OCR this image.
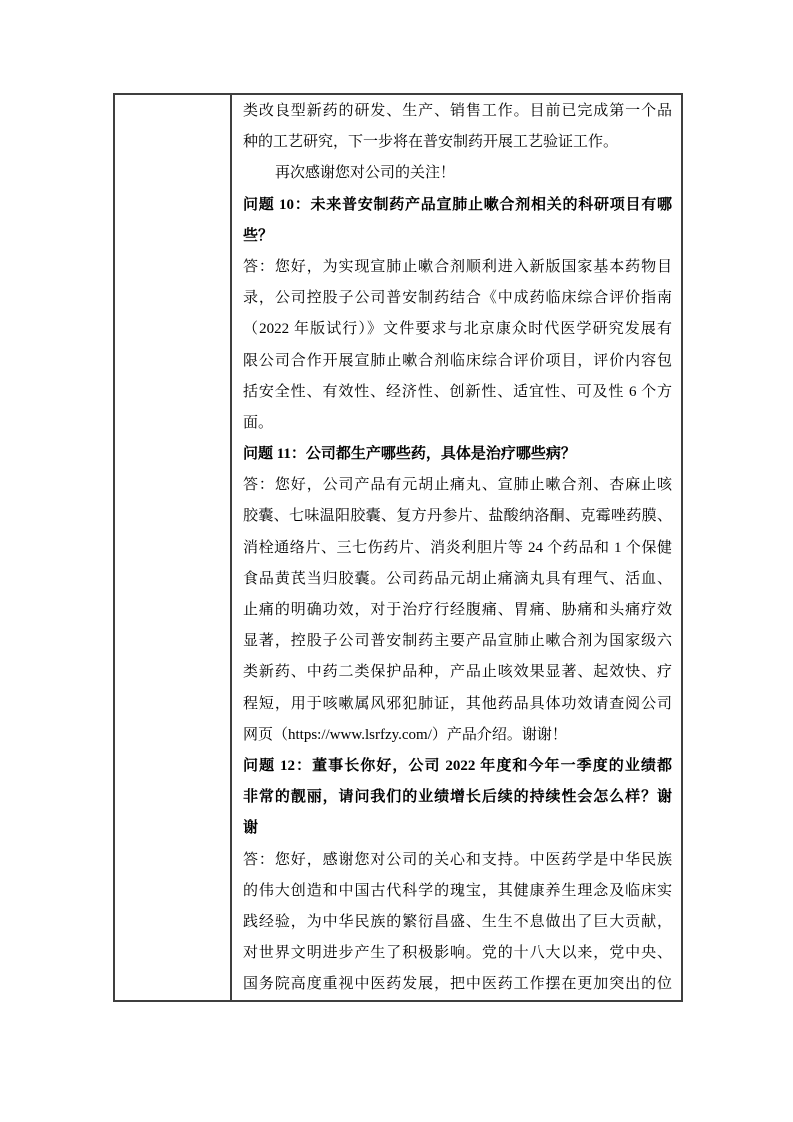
类改良型新药的研发、生产、销售工作。目前已完成第一个品
种的工艺研究，下一步将在普安制药开展工艺验证工作。
再次感谢您对公司的关注！
问题 10：未来普安制药产品宣肺止嗽合剂相关的科研项目有哪
些？
答：您好，为实现宣肺止嗽合剂顺利进入新版国家基本药物目
录，公司控股子公司普安制药结合《中成药临床综合评价指南
（2022 年版试行）》文件要求与北京康众时代医学研究发展有
限公司合作开展宣肺止嗽合剂临床综合评价项目，评价内容包
括安全性、有效性、经济性、创新性、适宜性、可及性 6 个方
面。
问题 11：公司都生产哪些药，具体是治疗哪些病？
答：您好，公司产品有元胡止痛丸、宣肺止嗽合剂、杏麻止咳
胶囊、七味温阳胶囊、复方丹参片、盐酸纳洛酮、克霉唑药膜、
消栓通络片、三七伤药片、消炎利胆片等 24 个药品和 1 个保健
食品黄芪当归胶囊。公司药品元胡止痛滴丸具有理气、活血、
止痛的明确功效，对于治疗行经腹痛、胃痛、胁痛和头痛疗效
显著，控股子公司普安制药主要产品宣肺止嗽合剂为国家级六
类新药、中药二类保护品种，产品止咳效果显著、起效快、疗
程短，用于咳嗽属风邪犯肺证，其他药品具体功效请查阅公司
网页（https://www.lsrfzy.com/）产品介绍。谢谢！
问题 12：董事长你好，公司 2022 年度和今年一季度的业绩都
非常的靓丽，请问我们的业绩增长后续的持续性会怎么样？谢
谢
答：您好，感谢您对公司的关心和支持。中医药学是中华民族
的伟大创造和中国古代科学的瑰宝，其健康养生理念及临床实
践经验，为中华民族的繁衍昌盛、生生不息做出了巨大贡献，
对世界文明进步产生了积极影响。党的十八大以来，党中央、
国务院高度重视中医药发展，把中医药工作摆在更加突出的位
